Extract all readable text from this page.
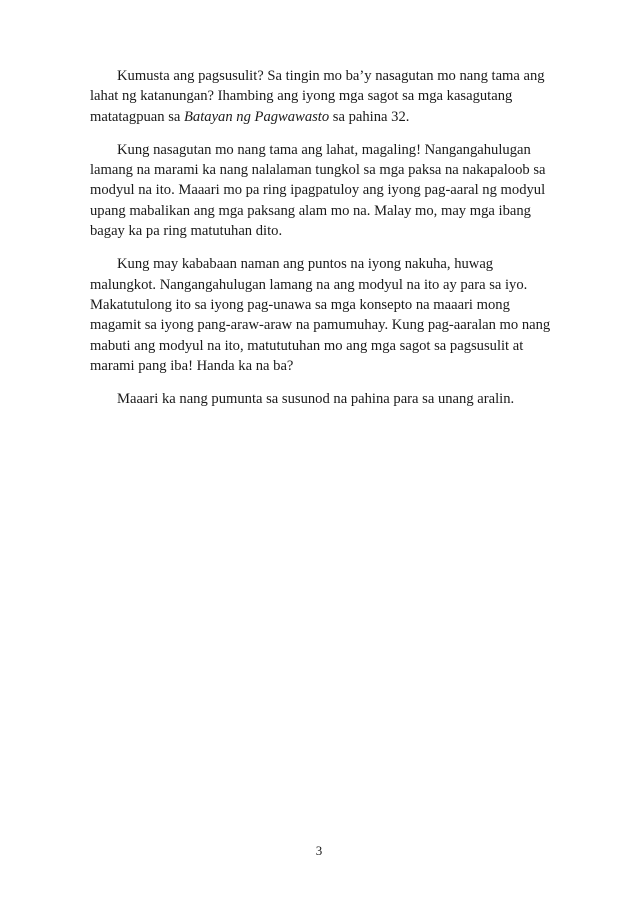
Kumusta ang pagsusulit? Sa tingin mo ba’y nasagutan mo nang tama ang lahat ng katanungan? Ihambing ang iyong mga sagot sa mga kasagutang matatagpuan sa Batayan ng Pagwawasto sa pahina 32.

Kung nasagutan mo nang tama ang lahat, magaling! Nangangahulugan lamang na marami ka nang nalalaman tungkol sa mga paksa na nakapaloob sa modyul na ito. Maaari mo pa ring ipagpatuloy ang iyong pag-aaral ng modyul upang mabalikan ang mga paksang alam mo na. Malay mo, may mga ibang bagay ka pa ring matutuhan dito.

Kung may kababaan naman ang puntos na iyong nakuha, huwag malungkot. Nangangahulugan lamang na ang modyul na ito ay para sa iyo. Makatutulong ito sa iyong pag-unawa sa mga konsepto na maaari mong magamit sa iyong pang-araw-araw na pamumuhay. Kung pag-aaralan mo nang mabuti ang modyul na ito, matututuhan mo ang mga sagot sa pagsusulit at marami pang iba! Handa ka na ba?

Maaari ka nang pumunta sa susunod na pahina para sa unang aralin.

3
